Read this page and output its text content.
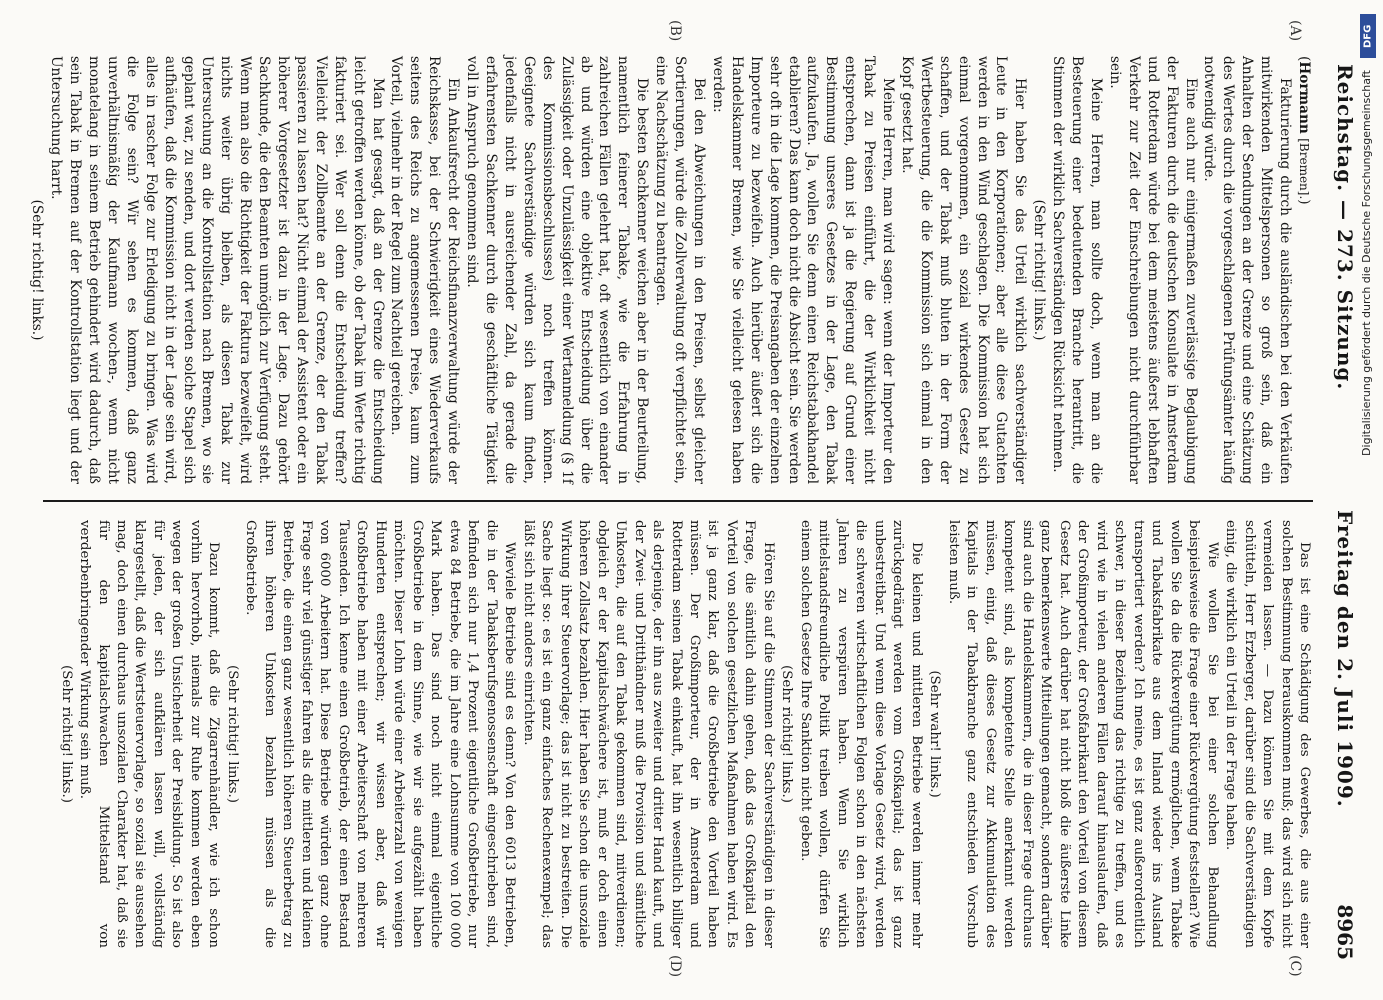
Reichstag. — 273. Sitzung.
Freitag den 2. Juli 1909.
8965
(A)
(B)
(C)
(D)

(Hormann [Bremen].)

Fakturierung durch die ausländischen bei den Verkäufen mitwirkenden Mittelspersonen so groß sein, daß ein Anhalten der Sendungen an der Grenze und eine Schätzung des Wertes durch die vorgeschlagenen Prüfungsämter häufig notwendig würde.

Eine auch nur einigermaßen zuverlässige Beglaubigung der Fakturen durch die deutschen Konsulate in Amsterdam und Rotterdam würde bei dem meistens äußerst lebhaften Verkehr zur Zeit der Einschreibungen nicht durchführbar sein.

Meine Herren, man sollte doch, wenn man an die Besteuerung einer bedeutenden Branche herantritt, die Stimmen der wirklich Sachverständigen Rücksicht nehmen.

(Sehr richtig! links.)

Hier haben Sie das Urteil wirklich sachverständiger Leute in den Korporationen; aber alle diese Gutachten werden in den Wind geschlagen. Die Kommission hat sich einmal vorgenommen, ein sozial wirkendes Gesetz zu schaffen, und der Tabak muß bluten in der Form der Wertbesteuerung, die die Kommission sich einmal in den Kopf gesetzt hat.

Meine Herren, man wird sagen: wenn der Importeur den Tabak zu Preisen einführt, die der Wirklichkeit nicht entsprechen, dann ist ja die Regierung auf Grund einer Bestimmung unseres Gesetzes in der Lage, den Tabak aufzukaufen. Ja, wollen Sie denn einen Reichstabakhandel etablieren? Das kann doch nicht die Absicht sein. Sie werden sehr oft in die Lage kommen, die Preisangaben der einzelnen Importeure zu bezweifeln. Auch hierüber äußert sich die Handelskammer Bremen, wie Sie vielleicht gelesen haben werden:

Bei den Abweichungen in den Preisen, selbst gleicher Sortierungen, würde die Zollverwaltung oft verpflichtet sein, eine Nachschätzung zu beantragen.

Die besten Sachkenner weichen aber in der Beurteilung, namentlich feinerer Tabake, wie die Erfahrung in zahlreichen Fällen gelehrt hat, oft wesentlich von einander ab und würden eine objektive Entscheidung über die Zulässigkeit oder Unzulässigkeit einer Wertanmeldung (§ 1f des Kommissionsbeschlusses) noch treffen können. Geeignete Sachverständige würden sich kaum finden, jedenfalls nicht in ausreichender Zahl, da gerade die erfahrensten Sachkenner durch die geschäftliche Tätigkeit voll in Anspruch genommen sind.

Ein Ankaufsrecht der Reichsfinanzverwaltung würde der Reichskasse, bei der Schwierigkeit eines Wiederverkaufs seitens des Reichs zu angemessenen Preise, kaum zum Vorteil, vielmehr in der Regel zum Nachteil gereichen.

Man hat gesagt, daß an der Grenze die Entscheidung leicht getroffen werden könne, ob der Tabak im Werte richtig fakturiert sei. Wer soll denn die Entscheidung treffen? Vielleicht der Zollbeamte an der Grenze, der den Tabak passieren zu lassen hat? Nicht einmal der Assistent oder ein höherer Vorgesetzter ist dazu in der Lage. Dazu gehört Sachkunde, die den Beamten unmöglich zur Verfügung steht. Wenn man also die Richtigkeit der Faktura bezweifelt, wird nichts weiter übrig bleiben, als diesen Tabak zur Untersuchung an die Kontrollstation nach Bremen, wo sie geplant war, zu senden, und dort werden solche Stapel sich aufhäufen, daß die Kommission nicht in der Lage sein wird, alles in rascher Folge zur Erledigung zu bringen. Was wird die Folge sein? Wir sehen es kommen, daß ganz unverhältnismäßig der Kaufmann wochen-, wenn nicht monatelang in seinem Betrieb gehindert wird dadurch, daß sein Tabak in Bremen auf der Kontrollstation liegt und der Untersuchung harrt.

(Sehr richtig! links.)

Das ist eine Schädigung des Gewerbes, die aus einer solchen Bestimmung herauskommen muß; das wird sich nicht vermeiden lassen. — Dazu können Sie mit dem Kopfe schütteln, Herr Erzberger, darüber sind die Sachverständigen einig, die wirklich ein Urteil in der Frage haben.

Wie wollen Sie bei einer solchen Behandlung beispielsweise die Frage einer Rückvergütung feststellen? Wie wollen Sie da die Rückvergütung ermöglichen, wenn Tabake und Tabaksfabrikate aus dem Inland wieder ins Ausland transportiert werden? Ich meine, es ist ganz außerordentlich schwer, in dieser Beziehung das richtige zu treffen, und es wird wie in vielen anderen Fällen darauf hinauslaufen, daß der Großimporteur, der Großfabrikant den Vorteil von diesem Gesetz hat. Auch darüber hat nicht bloß die äußerste Linke ganz bemerkenswerte Mitteilungen gemacht, sondern darüber sind auch die Handelskammern, die in dieser Frage durchaus kompetent sind, als kompetente Stelle anerkannt werden müssen, einig, daß dieses Gesetz zur Akkumulation des Kapitals in der Tabakbranche ganz entschieden Vorschub leisten muß.

(Sehr wahr! links.)

Die kleinen und mittleren Betriebe werden immer mehr zurückgedrängt werden vom Großkapital; das ist ganz unbestreitbar. Und wenn diese Vorlage Gesetz wird, werden die schweren wirtschaftlichen Folgen schon in den nächsten Jahren zu verspüren haben. Wenn Sie wirklich mittelstandsfreundliche Politik treiben wollen, dürfen Sie einem solchen Gesetze Ihre Sanktion nicht geben.

(Sehr richtig! links.)

Hören Sie auf die Stimmen der Sachverständigen in dieser Frage, die sämtlich dahin gehen, daß das Großkapital den Vorteil von solchen gesetzlichen Maßnahmen haben wird. Es ist ja ganz klar, daß die Großbetriebe den Vorteil haben müssen. Der Großimporteur, der in Amsterdam und Rotterdam seinen Tabak einkauft, hat ihn wesentlich billiger als derjenige, der ihn aus zweiter und dritter Hand kauft, und der Zwei- und Dritthändner muß die Provision und sämtliche Unkosten, die auf den Tabak gekommen sind, mitverdienen; obgleich er der Kapitalschwächere ist, muß er doch einen höheren Zollsatz bezahlen. Hier haben Sie schon die unsoziale Wirkung ihrer Steuervorlage; das ist nicht zu bestreiten. Die Sache liegt so: es ist ein ganz einfaches Rechenexempel; das läßt sich nicht anders einrichten.

Wieviele Betriebe sind es denn? Von den 6013 Betrieben, die in der Tabaksberufsgenossenschaft eingeschrieben sind, befinden sich nur 1,4 Prozent eigentliche Großbetriebe, nur etwa 84 Betriebe, die im Jahre eine Lohnsumme von 100 000 Mark haben. Das sind noch nicht einmal eigentliche Großbetriebe in dem Sinne, wie wir sie aufgezählt haben möchten. Dieser Lohn würde einer Arbeiterzahl von wenigen Hunderten entsprechen; wir wissen aber, daß wir Großbetriebe haben mit einer Arbeiterschaft von mehreren Tausenden. Ich kenne einen Großbetrieb, der einen Bestand von 6000 Arbeitern hat. Diese Betriebe würden ganz ohne Frage sehr viel günstiger fahren als die mittleren und kleinen Betriebe, die einen ganz wesentlich höheren Steuerbetrag zu ihren höheren Unkosten bezahlen müssen als die Großbetriebe.

(Sehr richtig! links.)

Dazu kommt, daß die Zigarrenhändler, wie ich schon vorhin hervorhob, niemals zur Ruhe kommen werden eben wegen der großen Unsicherheit der Preisbildung. So ist also für jeden, der sich aufklären lassen will, vollständig klargestellt, daß die Wertsteuervorlage, so sozial sie aussehen mag, doch einen durchaus unsozialen Charakter hat, daß sie für den kapitalschwachen Mittelstand von verderbenbringender Wirkung sein muß.

(Sehr richtig! links.)

DFG
Digitalisierung gefördert durch die Deutsche Forschungsgemeinschaft
